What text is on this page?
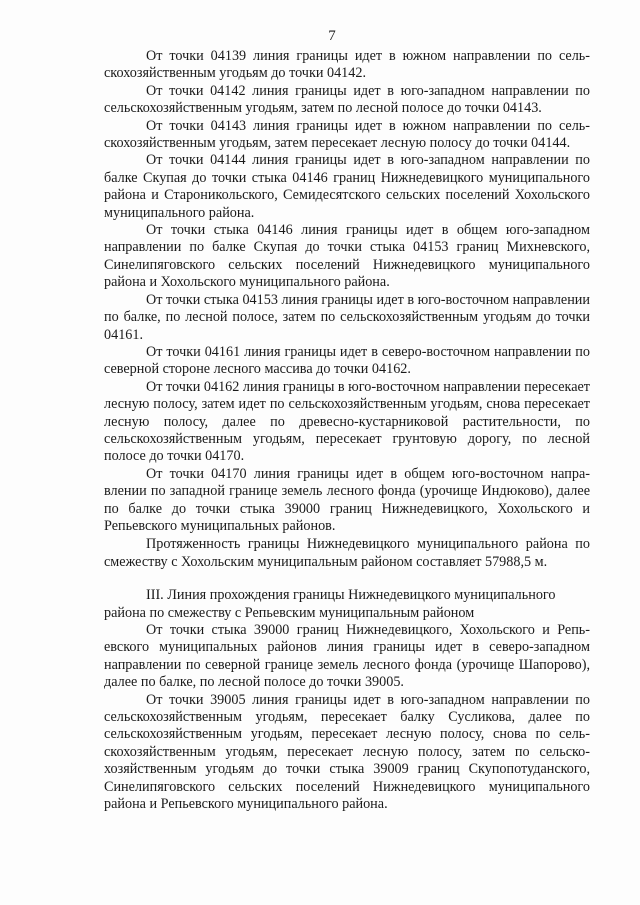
7

От точки 04139 линия границы идет в южном направлении по сельскохозяйственным угодьям до точки 04142.

От точки 04142 линия границы идет в юго-западном направлении по сельскохозяйственным угодьям, затем по лесной полосе до точки 04143.

От точки 04143 линия границы идет в южном направлении по сельскохозяйственным угодьям, затем пересекает лесную полосу до точки 04144.

От точки 04144 линия границы идет в юго-западном направлении по балке Скупая до точки стыка 04146 границ Нижнедевицкого муниципального района и Староникольского, Семидесятского сельских поселений Хохольского муниципального района.

От точки стыка 04146 линия границы идет в общем юго-западном направлении по балке Скупая до точки стыка 04153 границ Михневского, Синелипяговского сельских поселений Нижнедевицкого муниципального района и Хохольского муниципального района.

От точки стыка 04153 линия границы идет в юго-восточном направлении по балке, по лесной полосе, затем по сельскохозяйственным угодьям до точки 04161.

От точки 04161 линия границы идет в северо-восточном направлении по северной стороне лесного массива до точки 04162.

От точки 04162 линия границы в юго-восточном направлении пересекает лесную полосу, затем идет по сельскохозяйственным угодьям, снова пересекает лесную полосу, далее по древесно-кустарниковой растительности, по сельскохозяйственным угодьям, пересекает грунтовую дорогу, по лесной полосе до точки 04170.

От точки 04170 линия границы идет в общем юго-восточном направлении по западной границе земель лесного фонда (урочище Индюково), далее по балке до точки стыка 39000 границ Нижнедевицкого, Хохольского и Репьевского муниципальных районов.

Протяженность границы Нижнедевицкого муниципального района по смежеству с Хохольским муниципальным районом составляет 57988,5 м.

III. Линия прохождения границы Нижнедевицкого муниципального района по смежеству с Репьевским муниципальным районом

От точки стыка 39000 границ Нижнедевицкого, Хохольского и Репьевского муниципальных районов линия границы идет в северо-западном направлении по северной границе земель лесного фонда (урочище Шапорово), далее по балке, по лесной полосе до точки 39005.

От точки 39005 линия границы идет в юго-западном направлении по сельскохозяйственным угодьям, пересекает балку Сусликова, далее по сельскохозяйственным угодьям, пересекает лесную полосу, снова по сельскохозяйственным угодьям, пересекает лесную полосу, затем по сельскохозяйственным угодьям до точки стыка 39009 границ Скупопотуданского, Синелипяговского сельских поселений Нижнедевицкого муниципального района и Репьевского муниципального района.
